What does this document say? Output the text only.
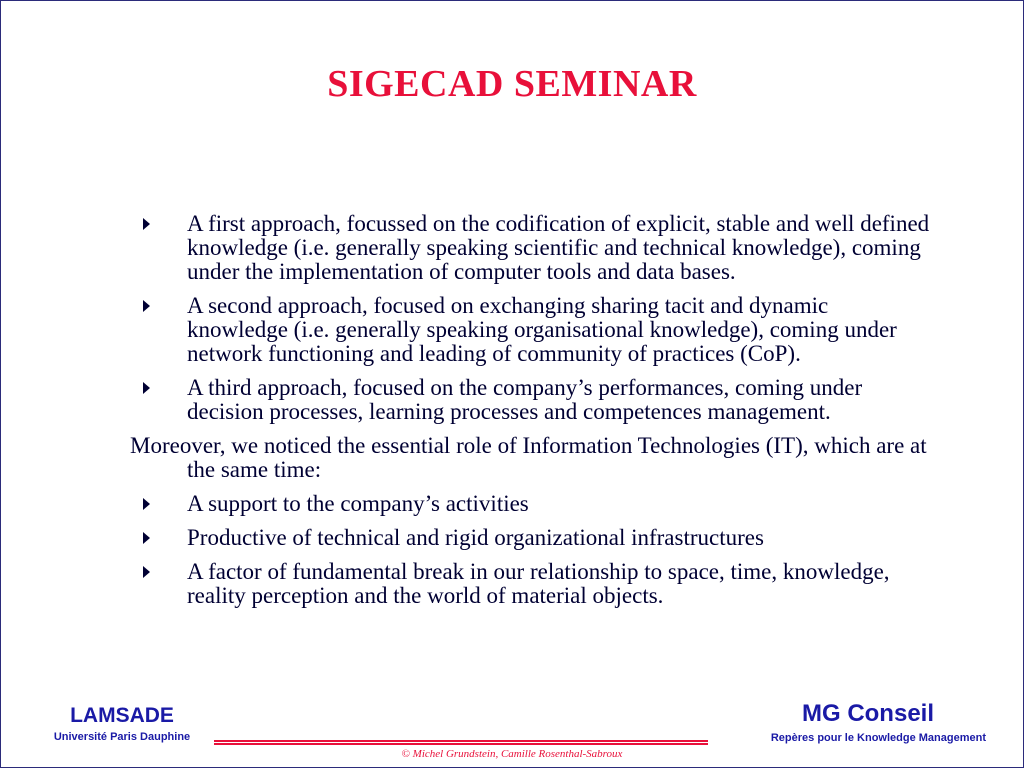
SIGECAD SEMINAR
A first approach, focussed on the codification of explicit, stable and well defined knowledge (i.e. generally speaking scientific and technical knowledge), coming under the implementation of computer tools and data bases.
A second approach, focused on exchanging sharing tacit and dynamic knowledge (i.e. generally speaking organisational knowledge), coming under network functioning and leading of community of practices (CoP).
A third approach, focused on the company’s performances, coming under decision processes, learning processes and competences management.
Moreover, we noticed the essential role of Information Technologies (IT), which are at the same time:
A support to the company’s activities
Productive of technical and rigid organizational infrastructures
A factor of fundamental break in our relationship to space, time, knowledge, reality perception and the world of material objects.
LAMSADE
Université Paris Dauphine
MG Conseil
Repères pour le Knowledge Management
© Michel Grundstein, Camille Rosenthal-Sabroux
